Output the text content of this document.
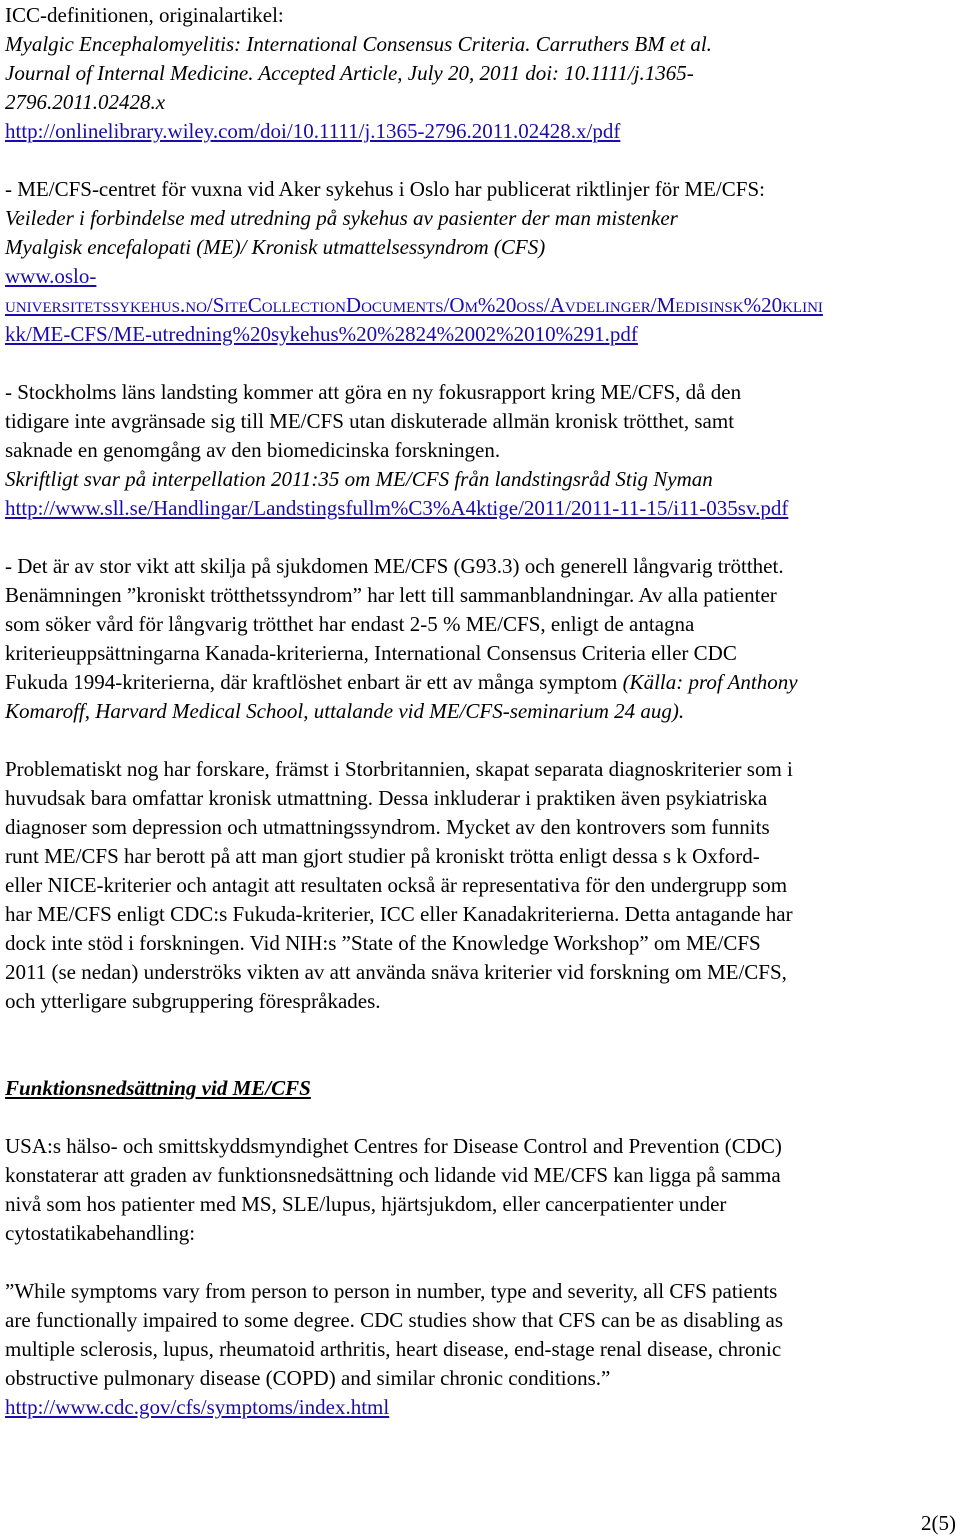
ICC-definitionen, originalartikel:
Myalgic Encephalomyelitis: International Consensus Criteria. Carruthers BM et al.
Journal of Internal Medicine. Accepted Article, July 20, 2011 doi: 10.1111/j.1365-
2796.2011.02428.x
http://onlinelibrary.wiley.com/doi/10.1111/j.1365-2796.2011.02428.x/pdf

- ME/CFS-centret för vuxna vid Aker sykehus i Oslo har publicerat riktlinjer för ME/CFS:
Veileder i forbindelse med utredning på sykehus av pasienter der man mistenker
Myalgisk encefalopati (ME)/ Kronisk utmattelsessyndrom (CFS)
www.oslo-
universitetssykehus.no/SiteCollectionDocuments/Om%20oss/Avdelinger/Medisinsk%20klini
kk/ME-CFS/ME-utredning%20sykehus%20%2824%2002%2010%291.pdf

- Stockholms läns landsting kommer att göra en ny fokusrapport kring ME/CFS, då den
tidigare inte avgränsade sig till ME/CFS utan diskuterade allmän kronisk trötthet, samt
saknade en genomgång av den biomedicinska forskningen.
Skriftligt svar på interpellation 2011:35 om ME/CFS från landstingsråd Stig Nyman
http://www.sll.se/Handlingar/Landstingsfullm%C3%A4ktige/2011/2011-11-15/i11-035sv.pdf

- Det är av stor vikt att skilja på sjukdomen ME/CFS (G93.3) och generell långvarig trötthet.
Benämningen ”kroniskt trötthetssyndrom” har lett till sammanblandningar. Av alla patienter
som söker vård för långvarig trötthet har endast 2-5 % ME/CFS, enligt de antagna
kriterieuppsättningarna Kanada-kriterierna, International Consensus Criteria eller CDC
Fukuda 1994-kriterierna, där kraftlöshet enbart är ett av många symptom (Källa: prof Anthony
Komaroff, Harvard Medical School, uttalande vid ME/CFS-seminarium 24 aug).

Problematiskt nog har forskare, främst i Storbritannien, skapat separata diagnoskriterier som i
huvudsak bara omfattar kronisk utmattning. Dessa inkluderar i praktiken även psykiatriska
diagnoser som depression och utmattningssyndrom. Mycket av den kontrovers som funnits
runt ME/CFS har berott på att man gjort studier på kroniskt trötta enligt dessa s k Oxford-
eller NICE-kriterier och antagit att resultaten också är representativa för den undergrupp som
har ME/CFS enligt CDC:s Fukuda-kriterier, ICC eller Kanadakriterierna. Detta antagande har
dock inte stöd i forskningen. Vid NIH:s ”State of the Knowledge Workshop” om ME/CFS
2011 (se nedan) underströks vikten av att använda snäva kriterier vid forskning om ME/CFS,
och ytterligare subgruppering förespråkades.

Funktionsnedsättning vid ME/CFS

USA:s hälso- och smittskyddsmyndighet Centres for Disease Control and Prevention (CDC)
konstaterar att graden av funktionsnedsättning och lidande vid ME/CFS kan ligga på samma
nivå som hos patienter med MS, SLE/lupus, hjärtsjukdom, eller cancerpatienter under
cytostatikabehandling:

”While symptoms vary from person to person in number, type and severity, all CFS patients
are functionally impaired to some degree. CDC studies show that CFS can be as disabling as
multiple sclerosis, lupus, rheumatoid arthritis, heart disease, end-stage renal disease, chronic
obstructive pulmonary disease (COPD) and similar chronic conditions.”
http://www.cdc.gov/cfs/symptoms/index.html

2(5)
